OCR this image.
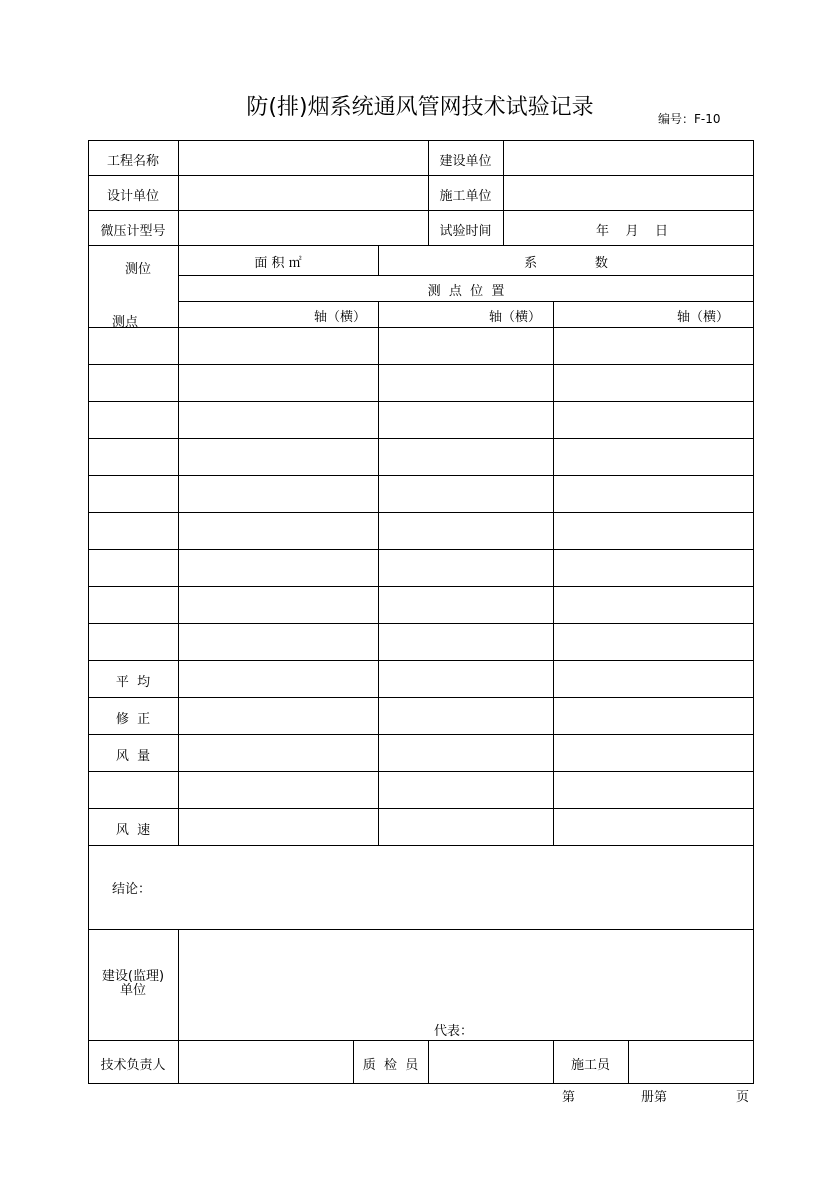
防(排)烟系统通风管网技术试验记录	编号：F-10
工程名称	建设单位
设计单位	施工单位
微压计型号	试验时间	年    月    日
测位
测点
面 积 ㎡	系              数
测  点  位  置
轴（横）	轴（横）	轴（横）
平  均
修  正
风  量
风  速
结论：
建设(监理)
单位
代表：
技术负责人	质  检  员	施工员
第	册第	页
